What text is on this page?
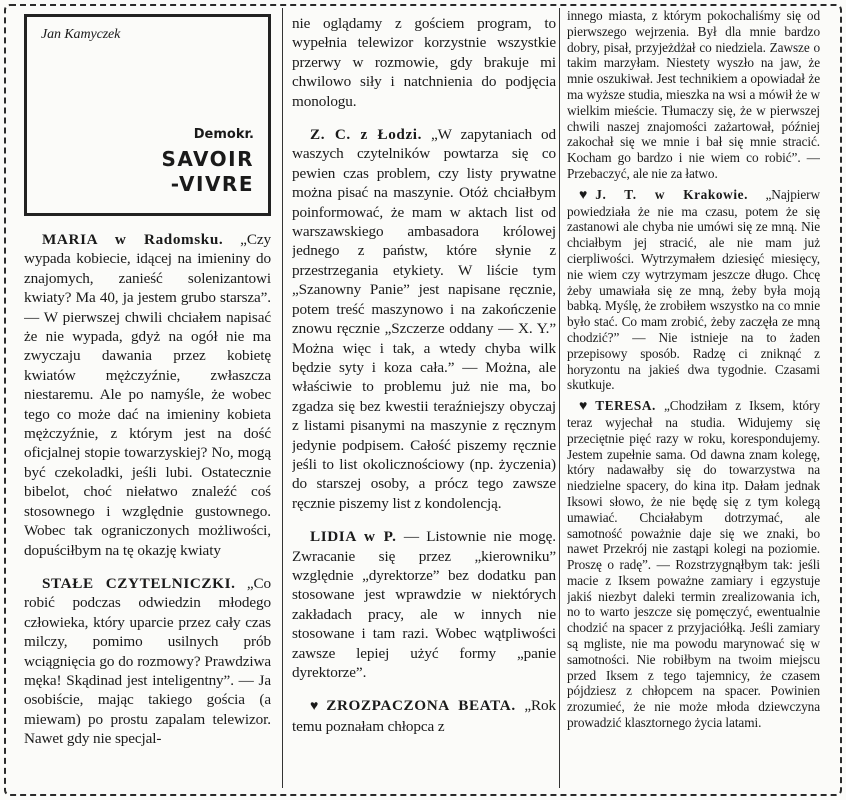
Jan Kamyczek
Demokr.
SAVOIR
-VIVRE

MARIA w Radomsku. „Czy wypada kobiecie, idącej na imieniny do znajomych, zanieść solenizantowi kwiaty? Ma 40, ja jestem grubo starsza”. — W pierwszej chwili chciałem napisać że nie wypada, gdyż na ogół nie ma zwyczaju dawania przez kobietę kwiatów mężczyźnie, zwłaszcza niestaremu. Ale po namyśle, że wobec tego co może dać na imieniny kobieta mężczyźnie, z którym jest na dość oficjalnej stopie towarzyskiej? No, mogą być czekoladki, jeśli lubi. Ostatecznie bibelot, choć niełatwo znaleźć coś stosownego i względnie gustownego. Wobec tak ograniczonych możliwości, dopuściłbym na tę okazję kwiaty

STAŁE CZYTELNICZKI. „Co robić podczas odwiedzin młodego człowieka, który uparcie przez cały czas milczy, pomimo usilnych prób wciągnięcia go do rozmowy? Prawdziwa męka! Skądinad jest inteligentny”. — Ja osobiście, mając takiego gościa (a miewam) po prostu zapalam telewizor. Nawet gdy nie specjal-

nie oglądamy z gościem program, to wypełnia telewizor korzystnie wszystkie przerwy w rozmowie, gdy brakuje mi chwilowo siły i natchnienia do podjęcia monologu.

Z. C. z Łodzi. „W zapytaniach od waszych czytelników powtarza się co pewien czas problem, czy listy prywatne można pisać na maszynie. Otóż chciałbym poinformować, że mam w aktach list od warszawskiego ambasadora królowej jednego z państw, które słynie z przestrzegania etykiety. W liście tym „Szanowny Panie” jest napisane ręcznie, potem treść maszynowo i na zakończenie znowu ręcznie „Szczerze oddany — X. Y.” Można więc i tak, a wtedy chyba wilk będzie syty i koza cała.” — Można, ale właściwie to problemu już nie ma, bo zgadza się bez kwestii teraźniejszy obyczaj z listami pisanymi na maszynie z ręcznym jedynie podpisem. Całość piszemy ręcznie jeśli to list okolicznościowy (np. życzenia) do starszej osoby, a prócz tego zawsze ręcznie piszemy list z kondolencją.

LIDIA w P. — Listownie nie mogę. Zwracanie się przez „kierowniku” względnie „dyrektorze” bez dodatku pan stosowane jest wprawdzie w niektórych zakładach pracy, ale w innych nie stosowane i tam razi. Wobec wątpliwości zawsze lepiej użyć formy „panie dyrektorze”.

♥ ZROZPACZONA BEATA. „Rok temu poznałam chłopca z

innego miasta, z którym pokochaliśmy się od pierwszego wejrzenia. Był dla mnie bardzo dobry, pisał, przyjeżdżał co niedziela. Zawsze o takim marzyłam. Niestety wyszło na jaw, że mnie oszukiwał. Jest technikiem a opowiadał że ma wyższe studia, mieszka na wsi a mówił że w wielkim mieście. Tłumaczy się, że w pierwszej chwili naszej znajomości zażartował, później zakochał się we mnie i bał się mnie stracić. Kocham go bardzo i nie wiem co robić”. — Przebaczyć, ale nie za łatwo.

♥ J. T. w Krakowie. „Najpierw powiedziała że nie ma czasu, potem że się zastanowi ale chyba nie umówi się ze mną. Nie chciałbym jej stracić, ale nie mam już cierpliwości. Wytrzymałem dziesięć miesięcy, nie wiem czy wytrzymam jeszcze długo. Chcę żeby umawiała się ze mną, żeby była moją babką. Myślę, że zrobiłem wszystko na co mnie było stać. Co mam zrobić, żeby zaczęła ze mną chodzić?” — Nie istnieje na to żaden przepisowy sposób. Radzę ci zniknąć z horyzontu na jakieś dwa tygodnie. Czasami skutkuje.

♥ TERESA. „Chodziłam z Iksem, który teraz wyjechał na studia. Widujemy się przeciętnie pięć razy w roku, korespondujemy. Jestem zupełnie sama. Od dawna znam kolegę, który nadawałby się do towarzystwa na niedzielne spacery, do kina itp. Dałam jednak Iksowi słowo, że nie będę się z tym kolegą umawiać. Chciałabym dotrzymać, ale samotność poważnie daje się we znaki, bo nawet Przekrój nie zastąpi kolegi na poziomie. Proszę o radę”. — Rozstrzygnąłbym tak: jeśli macie z Iksem poważne zamiary i egzystuje jakiś niezbyt daleki termin zrealizowania ich, no to warto jeszcze się pomęczyć, ewentualnie chodzić na spacer z przyjaciółką. Jeśli zamiary są mgliste, nie ma powodu marynować się w samotności. Nie robiłbym na twoim miejscu przed Iksem z tego tajemnicy, że czasem pójdziesz z chłopcem na spacer. Powinien zrozumieć, że nie może młoda dziewczyna prowadzić klasztornego życia latami.
